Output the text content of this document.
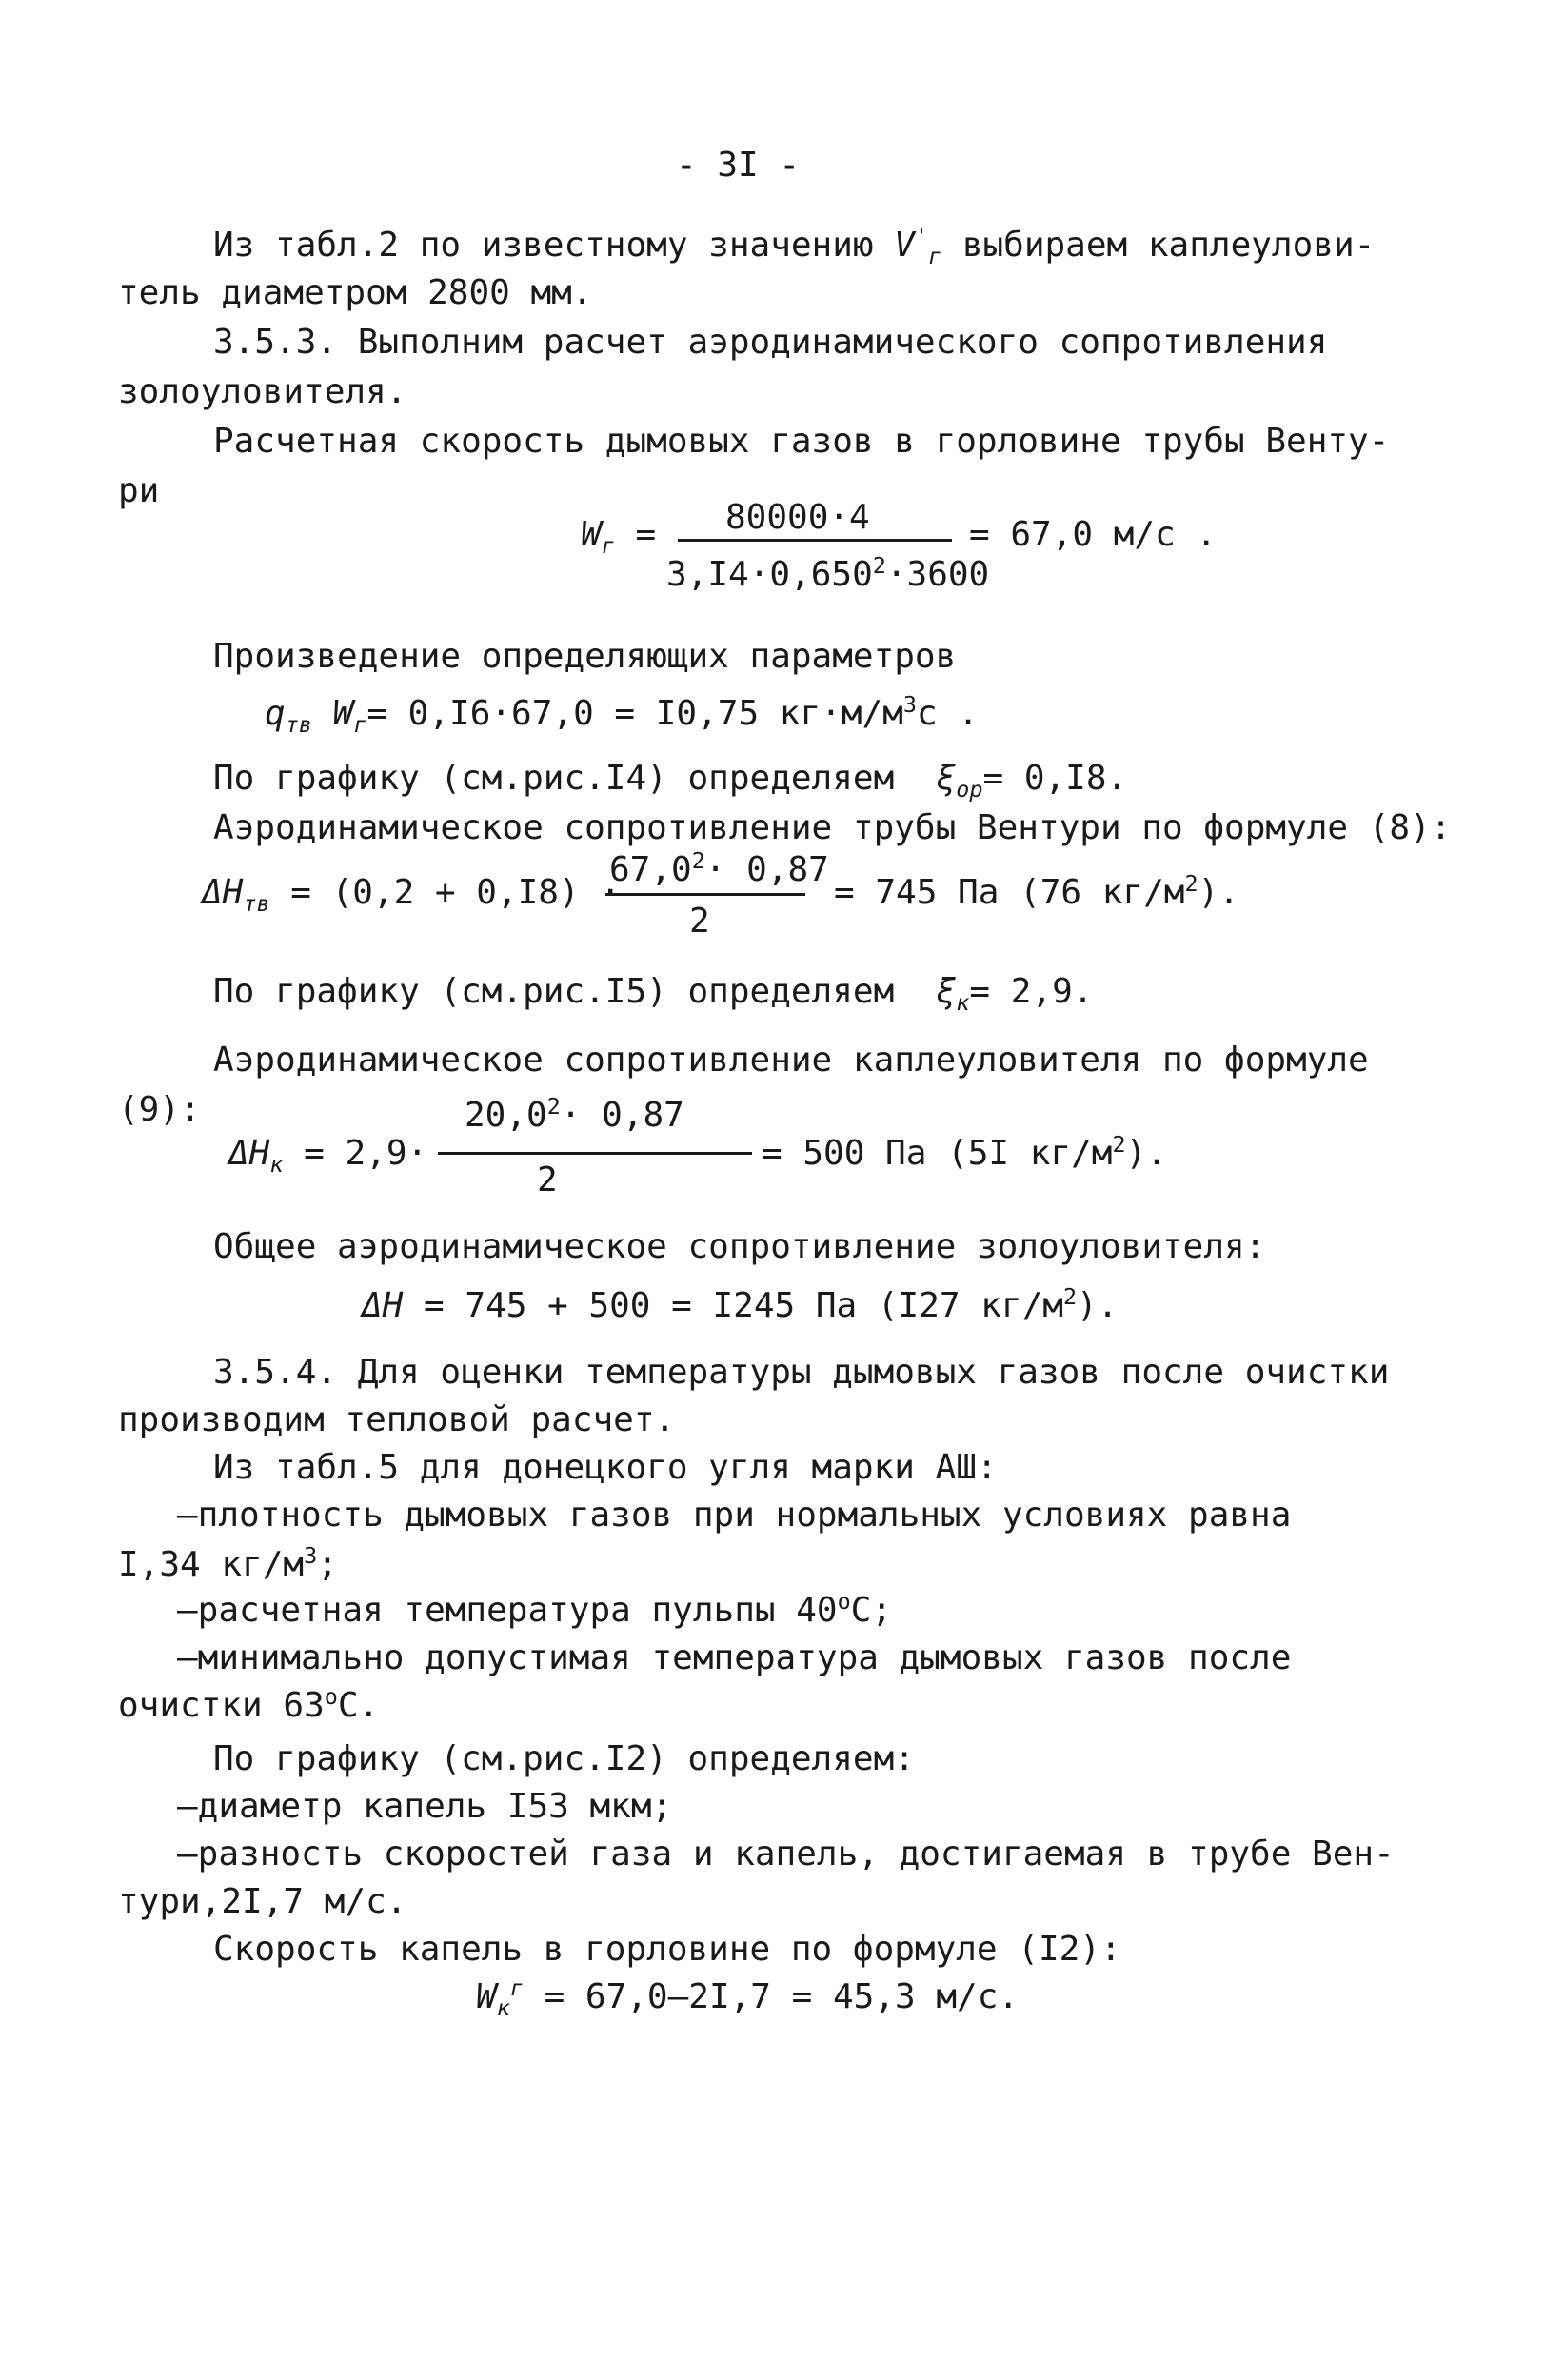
- 3I -
Из табл.2 по известному значению $V'_г$ выбираем каплеулови-
тель диаметром 2800 мм.
3.5.3. Выполним расчет аэродинамического сопротивления
золоуловителя.
Расчетная скорость дымовых газов в горловине трубы Венту-
ри
$W_г = 80000\cdot 4$
$3,I4\cdot 0,650^2\cdot 3600$
= 67,0 м/с .
Произведение определяющих параметров
$q_{тв}$ $W_г= 0,I6\cdot 67,0 = I0,75$ $кг\cdot м/м^3с$ .
По графику (см.рис.I4) определяем $\xi_{ор}= 0,I8$.
Аэродинамическое сопротивление трубы Вентури по формуле (8):
$\Delta H_{тв} = (0,2 + 0,I8)$ ·
$67,0^2\cdot 0,87$
2
= 745 Па (76 $кг/м^2$).
По графику (см.рис.I5) определяем $\xi_к= 2,9$.
Аэродинамическое сопротивление каплеуловителя по формуле
(9):
$\Delta H_к = 2,9\cdot$
$20,0^2\cdot 0,87$
2
= 500 Па (5I $кг/м^2$).
Общее аэродинамическое сопротивление золоуловителя:
ΔH = 745 + 500 = I245 Па (I27 $кг/м^2$).
3.5.4. Для оценки температуры дымовых газов после очистки
производим тепловой расчет.
Из табл.5 для донецкого угля марки АШ:
–плотность дымовых газов при нормальных условиях равна
I,34 $кг/м^3$;
–расчетная температура пульпы $40^оС$;
–минимально допустимая температура дымовых газов после
очистки $63^оС$.
По графику (см.рис.I2) определяем:
–диаметр капель I53 мкм;
–разность скоростей газа и капель, достигаемая в трубе Вен-
тури,2I,7 м/с.
Скорость капель в горловине по формуле (I2):
$W_к^г = 67,0-2I,7 = 45,3$ м/с.
